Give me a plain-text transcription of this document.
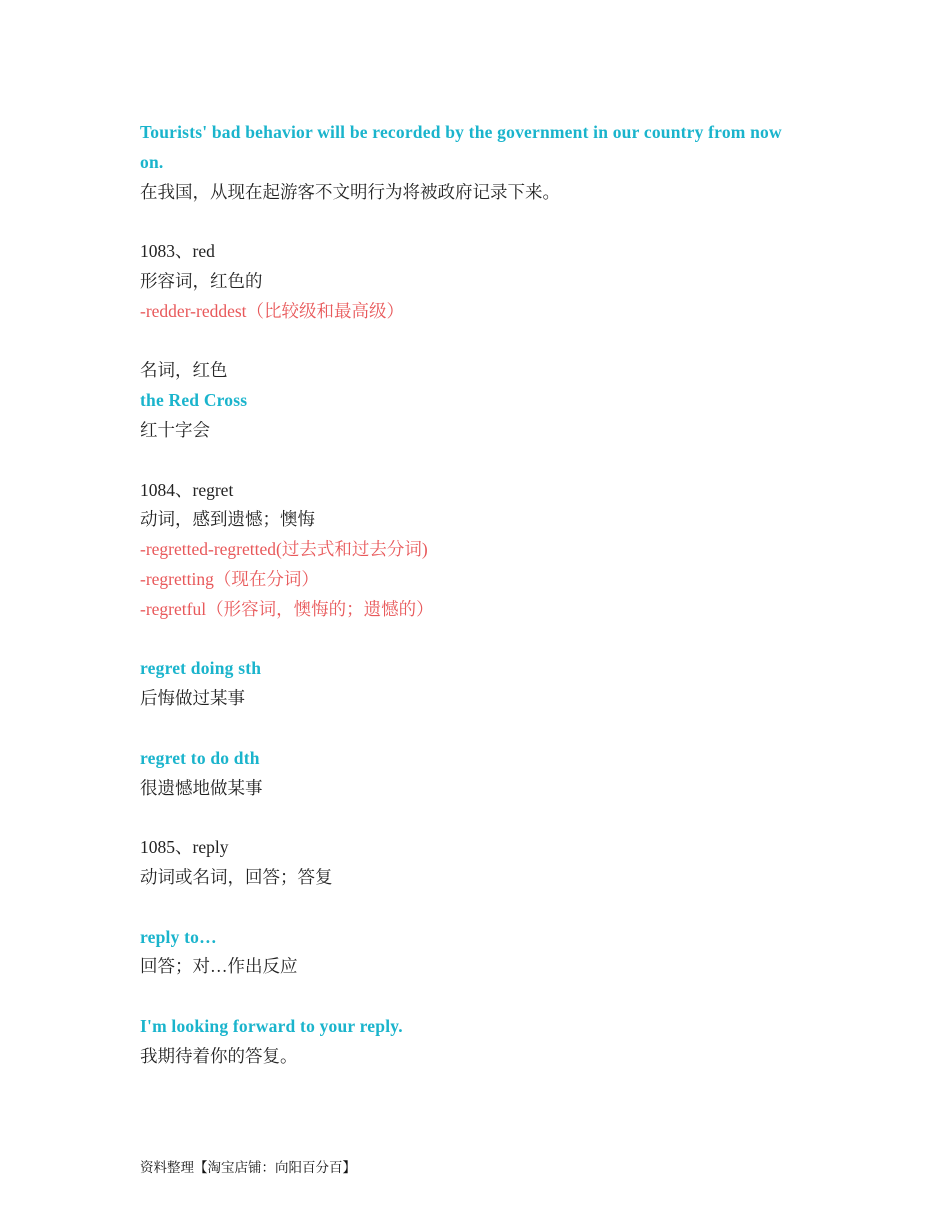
Tourists' bad behavior will be recorded by the government in our country from now on.
在我国，从现在起游客不文明行为将被政府记录下来。
1083、red
形容词，红色的
-redder-reddest（比较级和最高级）
名词，红色
the Red Cross
红十字会
1084、regret
动词，感到遗憾；懊悔
-regretted-regretted(过去式和过去分词)
-regretting（现在分词）
-regretful（形容词，懊悔的；遗憾的）
regret doing sth
后悔做过某事
regret to do dth
很遗憾地做某事
1085、reply
动词或名词，回答；答复
reply to…
回答；对…作出反应
I'm looking forward to your reply.
我期待着你的答复。
资料整理【淘宝店铺：向阳百分百】
